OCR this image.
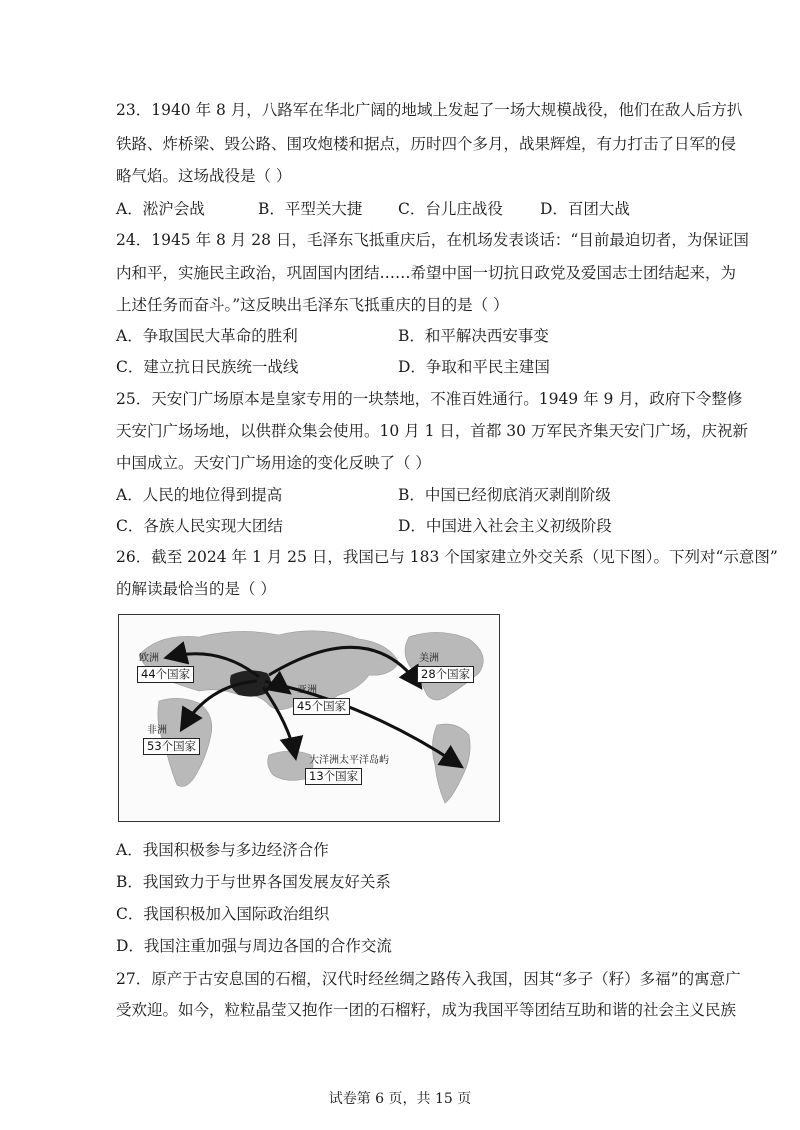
23．1940 年 8 月，八路军在华北广阔的地域上发起了一场大规模战役，他们在敌人后方扒
铁路、炸桥梁、毁公路、围攻炮楼和据点，历时四个多月，战果辉煌，有力打击了日军的侵
略气焰。这场战役是（ ）
A．淞沪会战	B．平型关大捷 C．台儿庄战役 D．百团大战
24．1945 年 8 月 28 日，毛泽东飞抵重庆后，在机场发表谈话：“目前最迫切者，为保证国
内和平，实施民主政治，巩固国内团结……希望中国一切抗日政党及爱国志士团结起来，为
上述任务而奋斗。”这反映出毛泽东飞抵重庆的目的是（ ）
A．争取国民大革命的胜利	B．和平解决西安事变
C．建立抗日民族统一战线	D．争取和平民主建国
25．天安门广场原本是皇家专用的一块禁地，不准百姓通行。1949 年 9 月，政府下令整修
天安门广场场地，以供群众集会使用。10 月 1 日，首都 30 万军民齐集天安门广场，庆祝新
中国成立。天安门广场用途的变化反映了（ ）
A．人民的地位得到提高	B．中国已经彻底消灭剥削阶级
C．各族人民实现大团结	D．中国进入社会主义初级阶段
26．截至 2024 年 1 月 25 日，我国已与 183 个国家建立外交关系（见下图）。下列对“示意图”
的解读最恰当的是（ ）
欧洲
44个国家
美洲
28个国家
亚洲
45个国家
非洲
53个国家
大洋洲太平洋岛屿
13个国家
A．我国积极参与多边经济合作
B．我国致力于与世界各国发展友好关系
C．我国积极加入国际政治组织
D．我国注重加强与周边各国的合作交流
27．原产于古安息国的石榴，汉代时经丝绸之路传入我国，因其“多子（籽）多福”的寓意广
受欢迎。如今，粒粒晶莹又抱作一团的石榴籽，成为我国平等团结互助和谐的社会主义民族
试卷第 6 页，共 15 页
